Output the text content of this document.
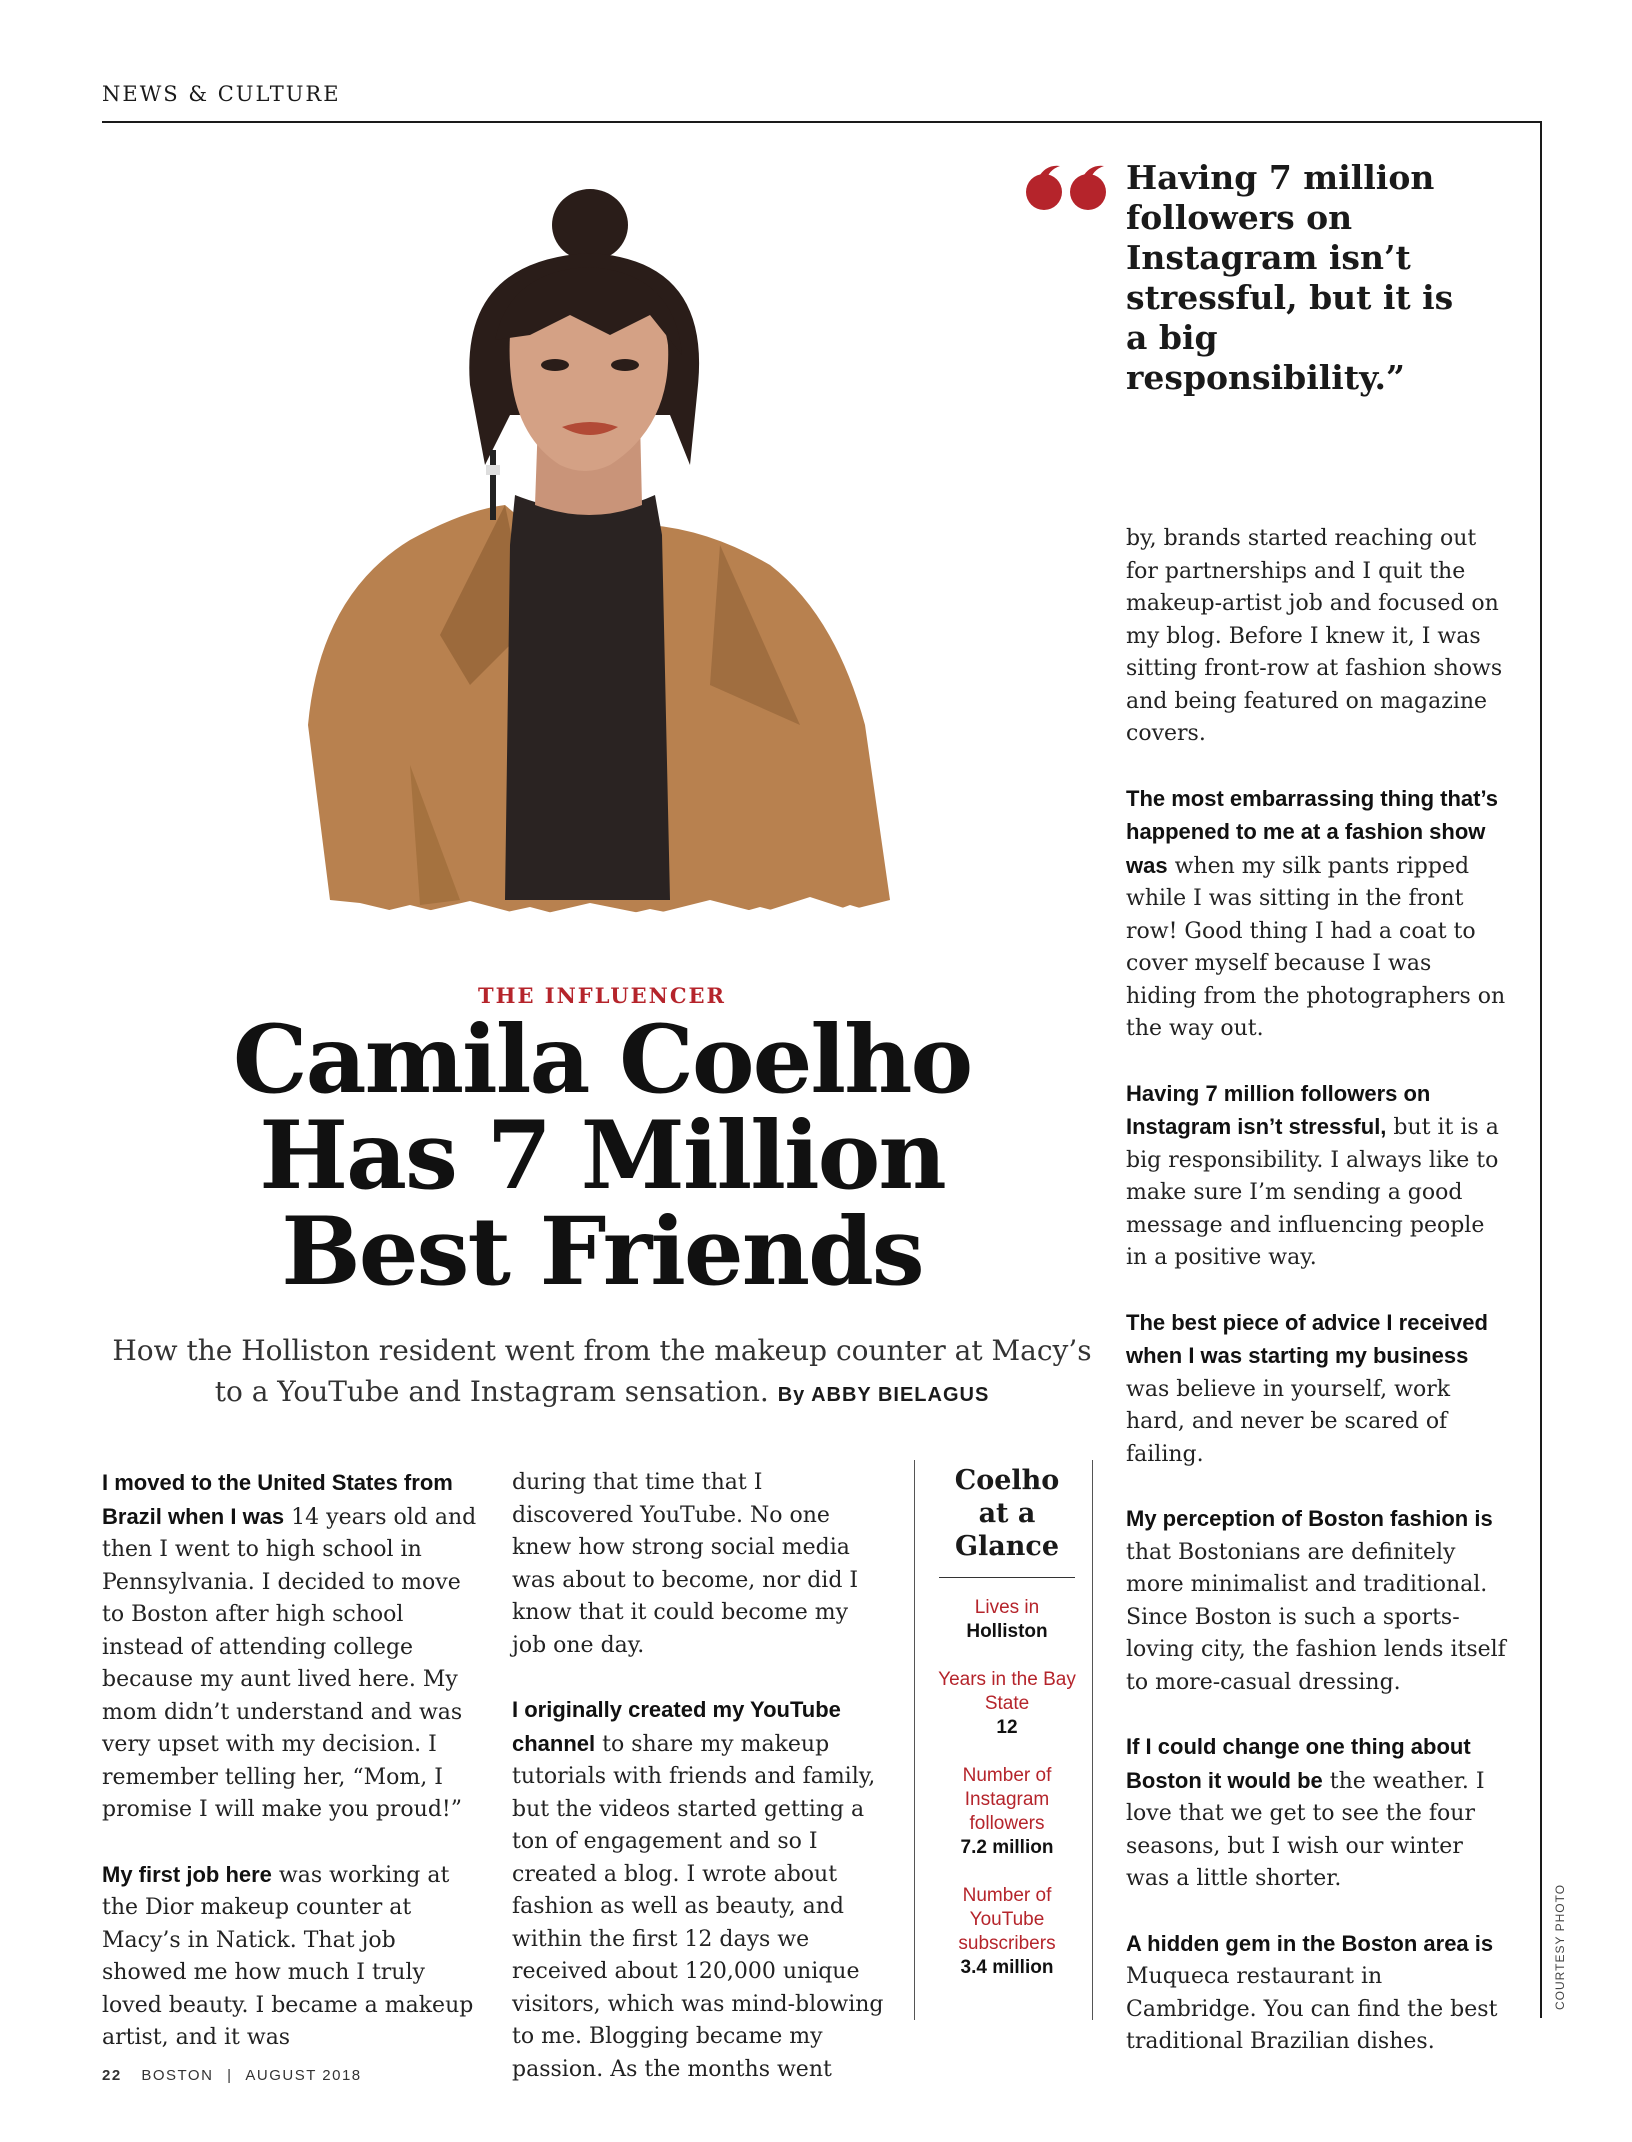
NEWS & CULTURE
Having 7 million followers on Instagram isn’t stressful, but it is a big responsibility.”
THE INFLUENCER
Camila Coelho
Has 7 Million
Best Friends
How the Holliston resident went from the makeup counter at Macy’s to a YouTube and Instagram sensation. By ABBY BIELAGUS

I moved to the United States from Brazil when I was 14 years old and then I went to high school in Pennsylvania. I decided to move to Boston after high school instead of attending college because my aunt lived here. My mom didn’t understand and was very upset with my decision. I remember telling her, “Mom, I promise I will make you proud!”

My first job here was working at the Dior makeup counter at Macy’s in Natick. That job showed me how much I truly loved beauty. I became a makeup artist, and it was

during that time that I discovered YouTube. No one knew how strong social media was about to become, nor did I know that it could become my job one day.

I originally created my YouTube channel to share my makeup tutorials with friends and family, but the videos started getting a ton of engagement and so I created a blog. I wrote about fashion as well as beauty, and within the first 12 days we received about 120,000 unique visitors, which was mind-blowing to me. Blogging became my passion. As the months went

Coelho at a Glance
Lives in
Holliston
Years in the Bay State
12
Number of Instagram followers
7.2 million
Number of YouTube subscribers
3.4 million

by, brands started reaching out for partnerships and I quit the makeup-artist job and focused on my blog. Before I knew it, I was sitting front-row at fashion shows and being featured on magazine covers.

The most embarrassing thing that’s happened to me at a fashion show was when my silk pants ripped while I was sitting in the front row! Good thing I had a coat to cover myself because I was hiding from the photographers on the way out.

Having 7 million followers on Instagram isn’t stressful, but it is a big responsibility. I always like to make sure I’m sending a good message and influencing people in a positive way.

The best piece of advice I received when I was starting my business was believe in yourself, work hard, and never be scared of failing.

My perception of Boston fashion is that Bostonians are definitely more minimalist and traditional. Since Boston is such a sports-loving city, the fashion lends itself to more-casual dressing.

If I could change one thing about Boston it would be the weather. I love that we get to see the four seasons, but I wish our winter was a little shorter.

A hidden gem in the Boston area is Muqueca restaurant in Cambridge. You can find the best traditional Brazilian dishes.

COURTESY PHOTO
22 BOSTON | AUGUST 2018
